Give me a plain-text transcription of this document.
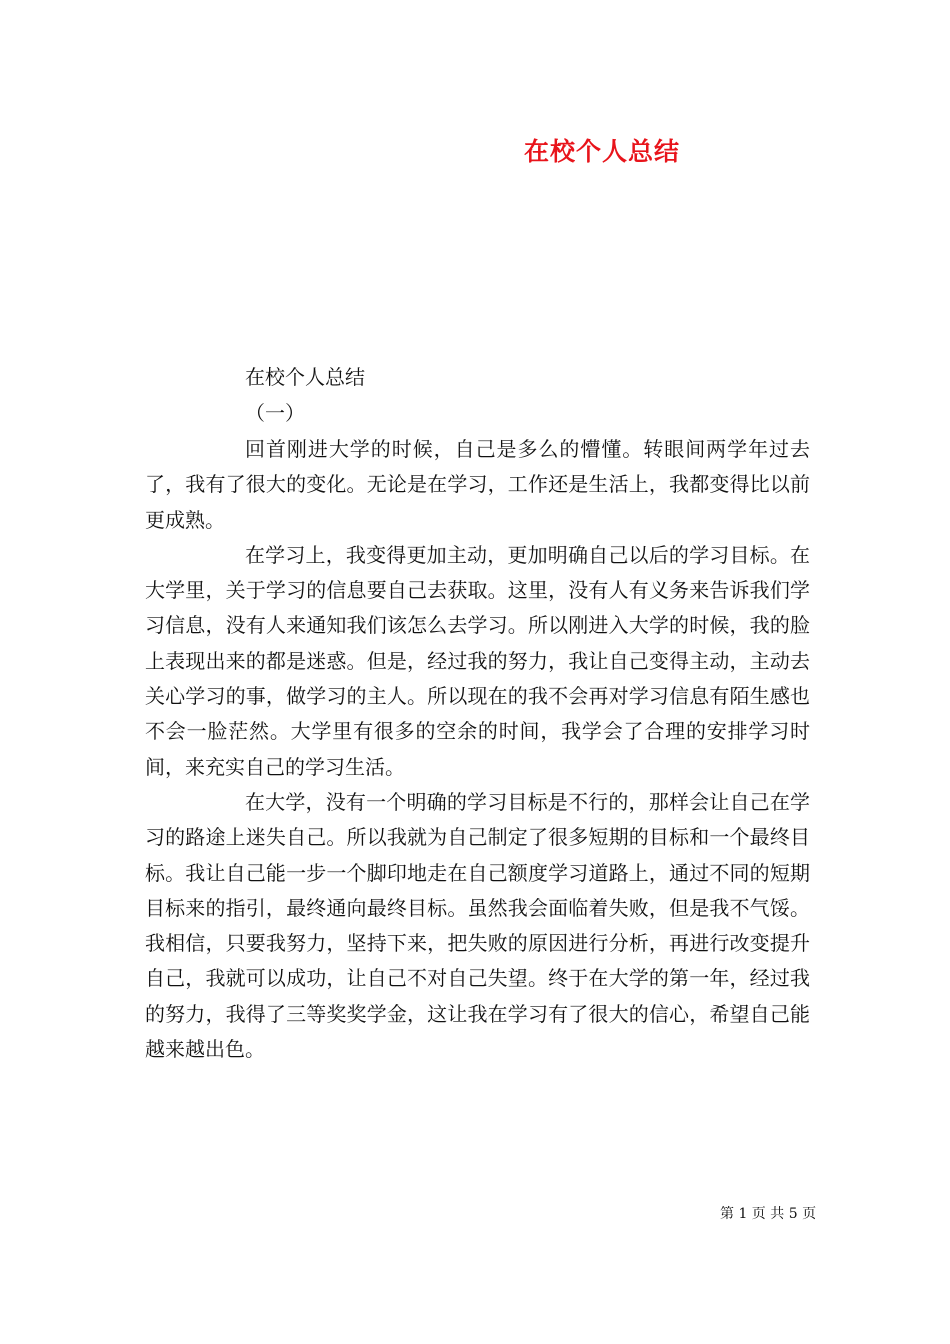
在校个人总结

在校个人总结

（一）

回首刚进大学的时候，自己是多么的懵懂。转眼间两学年过去了，我有了很大的变化。无论是在学习，工作还是生活上，我都变得比以前更成熟。

在学习上，我变得更加主动，更加明确自己以后的学习目标。在大学里，关于学习的信息要自己去获取。这里，没有人有义务来告诉我们学习信息，没有人来通知我们该怎么去学习。所以刚进入大学的时候，我的脸上表现出来的都是迷惑。但是，经过我的努力，我让自己变得主动，主动去关心学习的事，做学习的主人。所以现在的我不会再对学习信息有陌生感也不会一脸茫然。大学里有很多的空余的时间，我学会了合理的安排学习时间，来充实自己的学习生活。

在大学，没有一个明确的学习目标是不行的，那样会让自己在学习的路途上迷失自己。所以我就为自己制定了很多短期的目标和一个最终目标。我让自己能一步一个脚印地走在自己额度学习道路上，通过不同的短期目标来的指引，最终通向最终目标。虽然我会面临着失败，但是我不气馁。我相信，只要我努力，坚持下来，把失败的原因进行分析，再进行改变提升自己，我就可以成功，让自己不对自己失望。终于在大学的第一年，经过我的努力，我得了三等奖奖学金，这让我在学习有了很大的信心，希望自己能越来越出色。

第 1 页 共 5 页
